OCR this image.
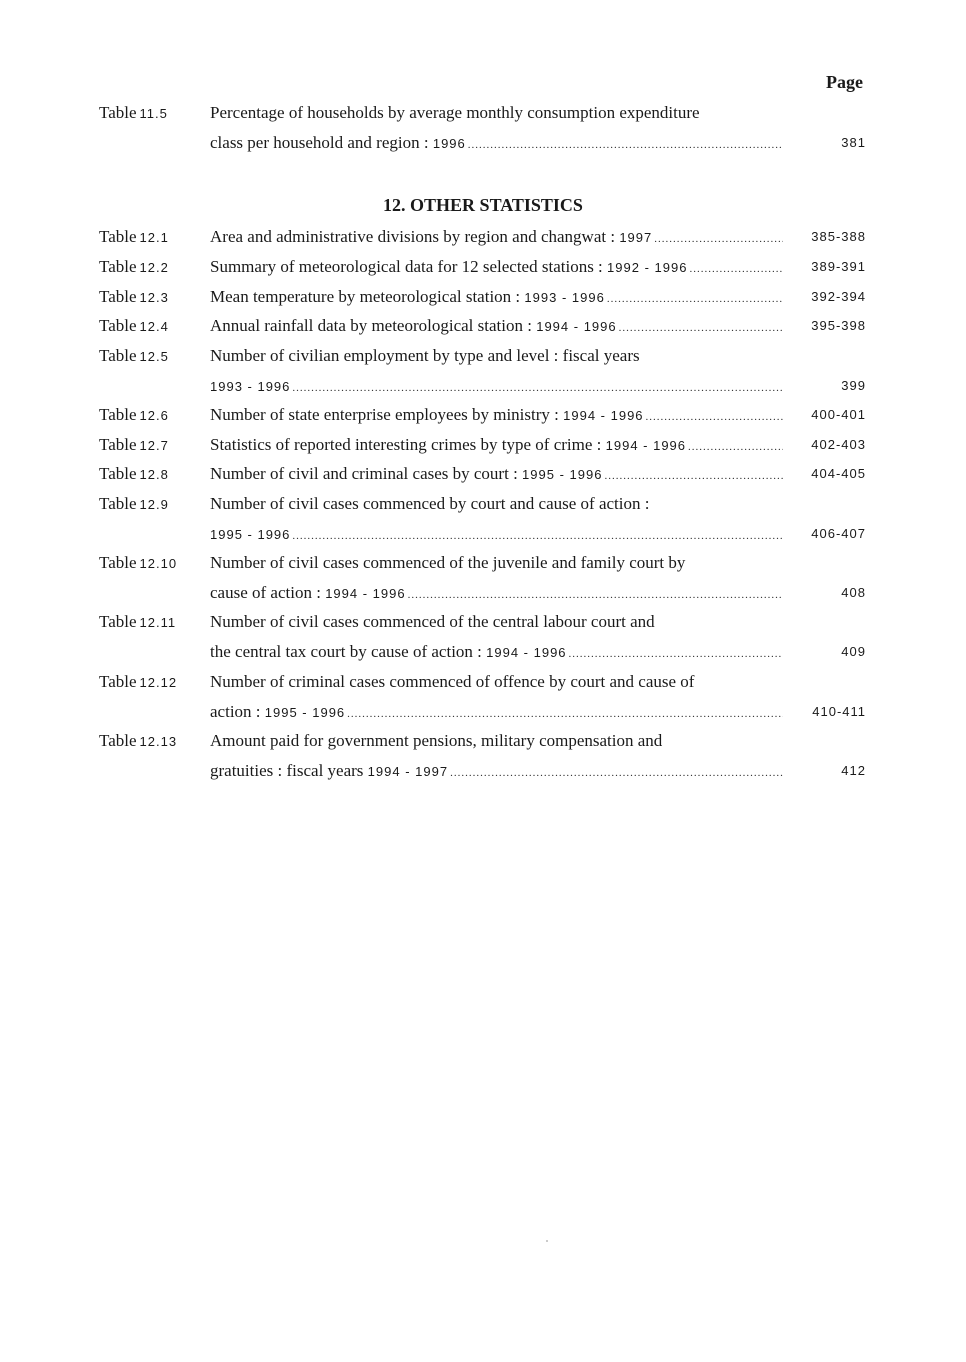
Page
12. OTHER STATISTICS
Table 11.5 Percentage of households by average monthly consumption expenditure
class per household and region : 1996 .....	381
Table 12.1 Area and administrative divisions by region and changwat : 1997 .....	385-388
Table 12.2 Summary of meteorological data for 12 selected stations : 1992 - 1996 .....	389-391
Table 12.3 Mean temperature by meteorological station : 1993 - 1996 .....	392-394
Table 12.4 Annual rainfall data by meteorological station : 1994 - 1996 .....	395-398
Table 12.5 Number of civilian employment by type and level : fiscal years
1993 - 1996 .....	399
Table 12.6 Number of state enterprise employees by ministry : 1994 - 1996 .....	400-401
Table 12.7 Statistics of reported interesting crimes by type of crime : 1994 - 1996 .....	402-403
Table 12.8 Number of civil and criminal cases by court : 1995 - 1996 .....	404-405
Table 12.9 Number of civil cases commenced by court and cause of action :
1995 - 1996 .....	406-407
Table 12.10 Number of civil cases commenced of the juvenile and family court by
cause of action : 1994 - 1996 .....	408
Table 12.11 Number of civil cases commenced of the central labour court and
the central tax court by cause of action : 1994 - 1996 .....	409
Table 12.12 Number of criminal cases commenced of offence by court and cause of
action : 1995 - 1996 .....	410-411
Table 12.13 Amount paid for government pensions, military compensation and
gratuities : fiscal years 1994 - 1997 .....	412
